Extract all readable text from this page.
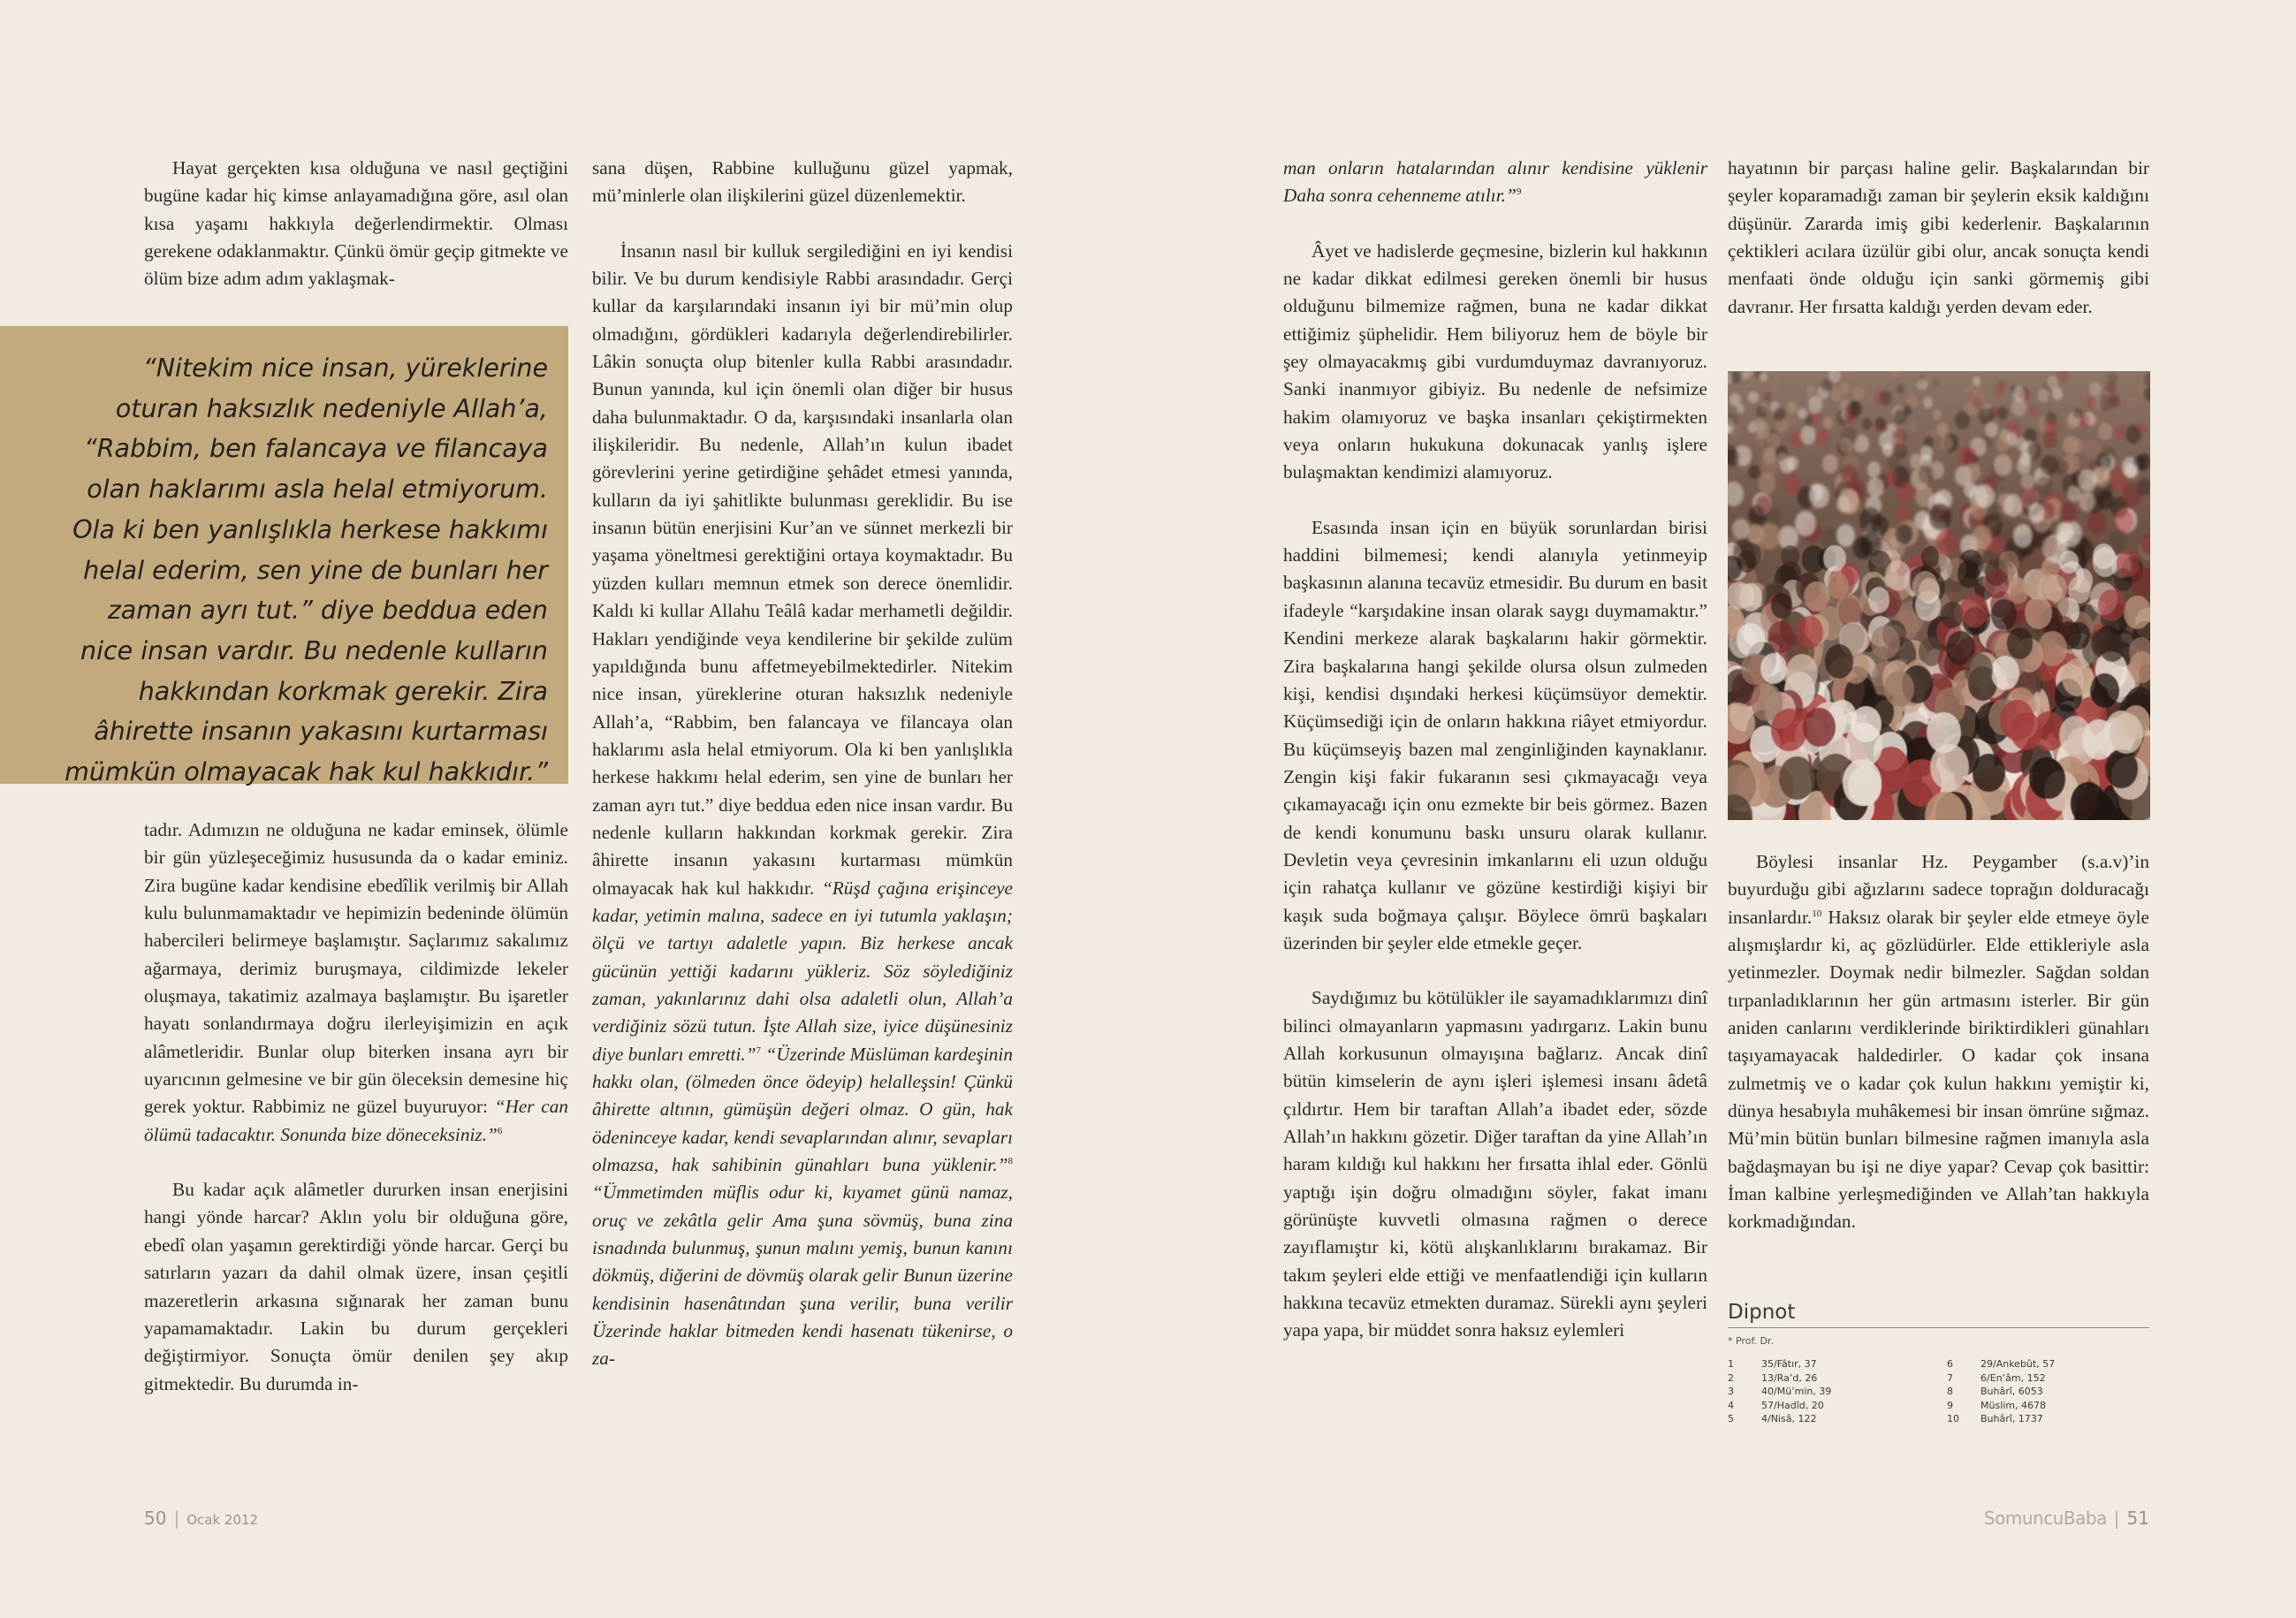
Hayat gerçekten kısa olduğuna ve nasıl geçtiğini bugüne kadar hiç kimse anlayamadığına göre, asıl olan kısa yaşamı hakkıyla değerlendirmektir. Olması gerekene odaklanmaktır. Çünkü ömür geçip gitmekte ve ölüm bize adım adım yaklaşmak-

“Nitekim nice insan, yüreklerine oturan haksızlık nedeniyle Allah’a, “Rabbim, ben falancaya ve filancaya olan haklarımı asla helal etmiyorum. Ola ki ben yanlışlıkla herkese hakkımı helal ederim, sen yine de bunları her zaman ayrı tut.” diye beddua eden nice insan vardır. Bu nedenle kulların hakkından korkmak gerekir. Zira âhirette insanın yakasını kurtarması mümkün olmayacak hak kul hakkıdır.”

tadır. Adımızın ne olduğuna ne kadar eminsek, ölümle bir gün yüzleşeceğimiz hususunda da o kadar eminiz. Zira bugüne kadar kendisine ebedîlik verilmiş bir Allah kulu bulunmamaktadır ve hepimizin bedeninde ölümün habercileri belirmeye başlamıştır. Saçlarımız sakalımız ağarmaya, derimiz buruşmaya, cildimizde lekeler oluşmaya, takatimiz azalmaya başlamıştır. Bu işaretler hayatı sonlandırmaya doğru ilerleyişimizin en açık alâmetleridir. Bunlar olup biterken insana ayrı bir uyarıcının gelmesine ve bir gün öleceksin demesine hiç gerek yoktur. Rabbimiz ne güzel buyuruyor: “Her can ölümü tadacaktır. Sonunda bize döneceksiniz.”$^6$

Bu kadar açık alâmetler dururken insan enerjisini hangi yönde harcar? Aklın yolu bir olduğuna göre, ebedî olan yaşamın gerektirdiği yönde harcar. Gerçi bu satırların yazarı da dahil olmak üzere, insan çeşitli mazeretlerin arkasına sığınarak her zaman bunu yapamamaktadır. Lakin bu durum gerçekleri değiştirmiyor. Sonuçta ömür denilen şey akıp gitmektedir. Bu durumda in-

sana düşen, Rabbine kulluğunu güzel yapmak, mü’minlerle olan ilişkilerini güzel düzenlemektir.

İnsanın nasıl bir kulluk sergilediğini en iyi kendisi bilir. Ve bu durum kendisiyle Rabbi arasındadır. Gerçi kullar da karşılarındaki insanın iyi bir mü’min olup olmadığını, gördükleri kadarıyla değerlendirebilirler. Lâkin sonuçta olup bitenler kulla Rabbi arasındadır. Bunun yanında, kul için önemli olan diğer bir husus daha bulunmaktadır. O da, karşısındaki insanlarla olan ilişkileridir. Bu nedenle, Allah’ın kulun ibadet görevlerini yerine getirdiğine şehâdet etmesi yanında, kulların da iyi şahitlikte bulunması gereklidir. Bu ise insanın bütün enerjisini Kur’an ve sünnet merkezli bir yaşama yöneltmesi gerektiğini ortaya koymaktadır. Bu yüzden kulları memnun etmek son derece önemlidir. Kaldı ki kullar Allahu Teâlâ kadar merhametli değildir. Hakları yendiğinde veya kendilerine bir şekilde zulüm yapıldığında bunu affetmeyebilmektedirler. Nitekim nice insan, yüreklerine oturan haksızlık nedeniyle Allah’a, “Rabbim, ben falancaya ve filancaya olan haklarımı asla helal etmiyorum. Ola ki ben yanlışlıkla herkese hakkımı helal ederim, sen yine de bunları her zaman ayrı tut.” diye beddua eden nice insan vardır. Bu nedenle kulların hakkından korkmak gerekir. Zira âhirette insanın yakasını kurtarması mümkün olmayacak hak kul hakkıdır. “Rüşd çağına erişinceye kadar, yetimin malına, sadece en iyi tutumla yaklaşın; ölçü ve tartıyı adaletle yapın. Biz herkese ancak gücünün yettiği kadarını yükleriz. Söz söylediğiniz zaman, yakınlarınız dahi olsa adaletli olun, Allah’a verdiğiniz sözü tutun. İşte Allah size, iyice düşünesiniz diye bunları emretti.”$^7$ “Üzerinde Müslüman kardeşinin hakkı olan, (ölmeden önce ödeyip) helalleşsin! Çünkü âhirette altının, gümüşün değeri olmaz. O gün, hak ödeninceye kadar, kendi sevaplarından alınır, sevapları olmazsa, hak sahibinin günahları buna yüklenir.”$^8$ “Ümmetimden müflis odur ki, kıyamet günü namaz, oruç ve zekâtla gelir Ama şuna sövmüş, buna zina isnadında bulunmuş, şunun malını yemiş, bunun kanını dökmüş, diğerini de dövmüş olarak gelir Bunun üzerine kendisinin hasenâtından şuna verilir, buna verilir Üzerinde haklar bitmeden kendi hasenatı tükenirse, o za-

man onların hatalarından alınır kendisine yüklenir Daha sonra cehenneme atılır.”$^9$

Âyet ve hadislerde geçmesine, bizlerin kul hakkının ne kadar dikkat edilmesi gereken önemli bir husus olduğunu bilmemize rağmen, buna ne kadar dikkat ettiğimiz şüphelidir. Hem biliyoruz hem de böyle bir şey olmayacakmış gibi vurdumduymaz davranıyoruz. Sanki inanmıyor gibiyiz. Bu nedenle de nefsimize hakim olamıyoruz ve başka insanları çekiştirmekten veya onların hukukuna dokunacak yanlış işlere bulaşmaktan kendimizi alamıyoruz.

Esasında insan için en büyük sorunlardan birisi haddini bilmemesi; kendi alanıyla yetinmeyip başkasının alanına tecavüz etmesidir. Bu durum en basit ifadeyle “karşıdakine insan olarak saygı duymamaktır.” Kendini merkeze alarak başkalarını hakir görmektir. Zira başkalarına hangi şekilde olursa olsun zulmeden kişi, kendisi dışındaki herkesi küçümsüyor demektir. Küçümsediği için de onların hakkına riâyet etmiyordur. Bu küçümseyiş bazen mal zenginliğinden kaynaklanır. Zengin kişi fakir fukaranın sesi çıkmayacağı veya çıkamayacağı için onu ezmekte bir beis görmez. Bazen de kendi konumunu baskı unsuru olarak kullanır. Devletin veya çevresinin imkanlarını eli uzun olduğu için rahatça kullanır ve gözüne kestirdiği kişiyi bir kaşık suda boğmaya çalışır. Böylece ömrü başkaları üzerinden bir şeyler elde etmekle geçer.

Saydığımız bu kötülükler ile sayamadıklarımızı dinî bilinci olmayanların yapmasını yadırgarız. Lakin bunu Allah korkusunun olmayışına bağlarız. Ancak dinî bütün kimselerin de aynı işleri işlemesi insanı âdetâ çıldırtır. Hem bir taraftan Allah’a ibadet eder, sözde Allah’ın hakkını gözetir. Diğer taraftan da yine Allah’ın haram kıldığı kul hakkını her fırsatta ihlal eder. Gönlü yaptığı işin doğru olmadığını söyler, fakat imanı görünüşte kuvvetli olmasına rağmen o derece zayıflamıştır ki, kötü alışkanlıklarını bırakamaz. Bir takım şeyleri elde ettiği ve menfaatlendiği için kulların hakkına tecavüz etmekten duramaz. Sürekli aynı şeyleri yapa yapa, bir müddet sonra haksız eylemleri

hayatının bir parçası haline gelir. Başkalarından bir şeyler koparamadığı zaman bir şeylerin eksik kaldığını düşünür. Zararda imiş gibi kederlenir. Başkalarının çektikleri acılara üzülür gibi olur, ancak sonuçta kendi menfaati önde olduğu için sanki görmemiş gibi davranır. Her fırsatta kaldığı yerden devam eder.

Böylesi insanlar Hz. Peygamber (s.a.v)’in buyurduğu gibi ağızlarını sadece toprağın dolduracağı insanlardır.$^{10}$ Haksız olarak bir şeyler elde etmeye öyle alışmışlardır ki, aç gözlüdürler. Elde ettikleriyle asla yetinmezler. Doymak nedir bilmezler. Sağdan soldan tırpanladıklarının her gün artmasını isterler. Bir gün aniden canlarını verdiklerinde biriktirdikleri günahları taşıyamayacak haldedirler. O kadar çok insana zulmetmiş ve o kadar çok kulun hakkını yemiştir ki, dünya hesabıyla muhâkemesi bir insan ömrüne sığmaz. Mü’min bütün bunları bilmesine rağmen imanıyla asla bağdaşmayan bu işi ne diye yapar? Cevap çok basittir: İman kalbine yerleşmediğinden ve Allah’tan hakkıyla korkmadığından.

Dipnot
* Prof. Dr.
1	35/Fâtır, 37	6	29/Ankebût, 57
2	13/Ra’d, 26	7	6/En’âm, 152
3	40/Mü’min, 39	8	Buhârî, 6053
4	57/Hadîd, 20	9	Müslim, 4678
5	4/Nisâ, 122	10	Buhârî, 1737
50 | Ocak 2012	SomuncuBaba | 51
